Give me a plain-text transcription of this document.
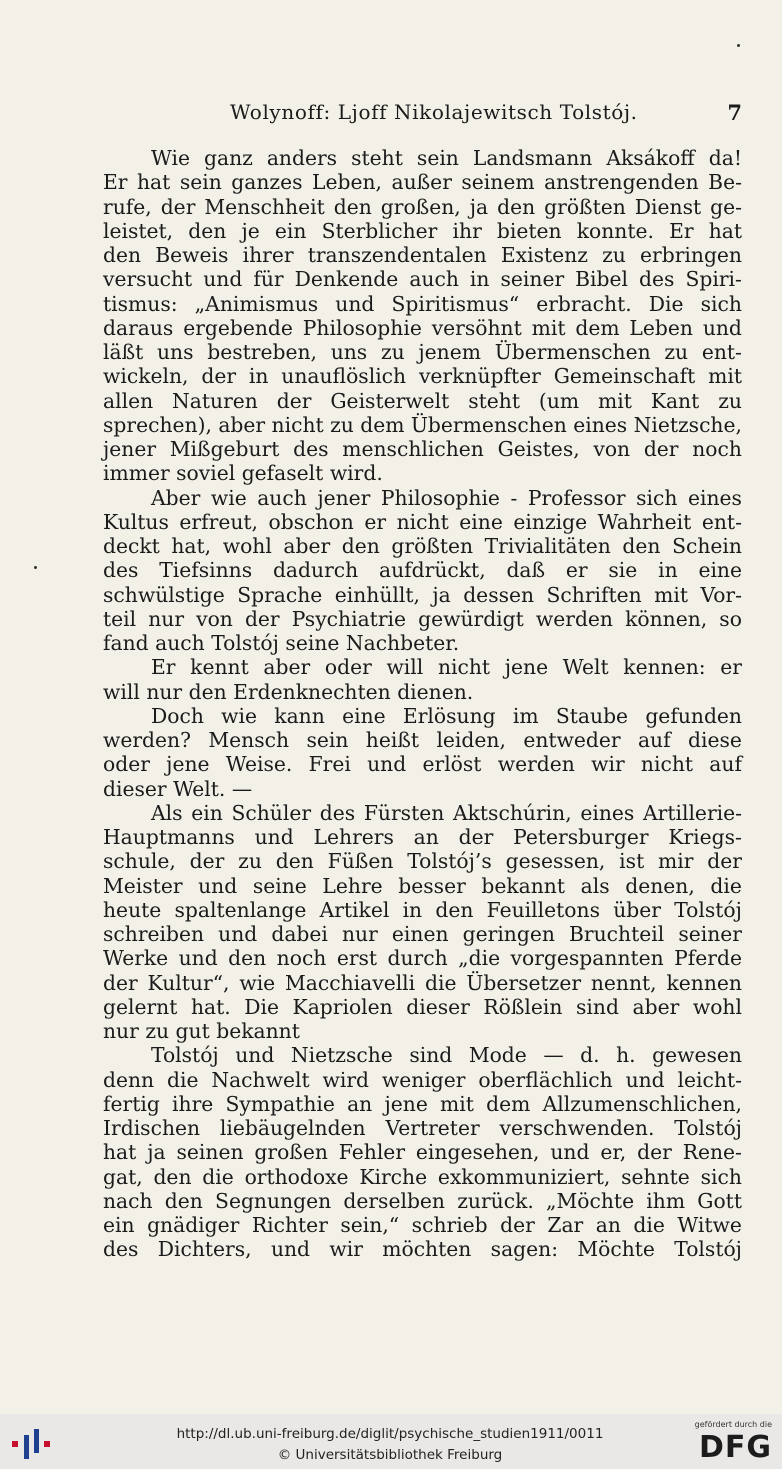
Wolynoff: Ljoff Nikolajewitsch Tolstój.	7
Wie ganz anders steht sein Landsmann Aksákoff da!
Er hat sein ganzes Leben, außer seinem anstrengenden Be-
rufe, der Menschheit den großen, ja den größten Dienst ge-
leistet, den je ein Sterblicher ihr bieten konnte. Er hat
den Beweis ihrer transzendentalen Existenz zu erbringen
versucht und für Denkende auch in seiner Bibel des Spiri-
tismus: „Animismus und Spiritismus“ erbracht. Die sich
daraus ergebende Philosophie versöhnt mit dem Leben und
läßt uns bestreben, uns zu jenem Übermenschen zu ent-
wickeln, der in unauflöslich verknüpfter Gemeinschaft mit
allen Naturen der Geisterwelt steht (um mit Kant zu
sprechen), aber nicht zu dem Übermenschen eines Nietzsche,
jener Mißgeburt des menschlichen Geistes, von der noch
immer soviel gefaselt wird.
Aber wie auch jener Philosophie - Professor sich eines
Kultus erfreut, obschon er nicht eine einzige Wahrheit ent-
deckt hat, wohl aber den größten Trivialitäten den Schein
des Tiefsinns dadurch aufdrückt, daß er sie in eine
schwülstige Sprache einhüllt, ja dessen Schriften mit Vor-
teil nur von der Psychiatrie gewürdigt werden können, so
fand auch Tolstój seine Nachbeter.
Er kennt aber oder will nicht jene Welt kennen: er
will nur den Erdenknechten dienen.
Doch wie kann eine Erlösung im Staube gefunden
werden? Mensch sein heißt leiden, entweder auf diese
oder jene Weise. Frei und erlöst werden wir nicht auf
dieser Welt. —
Als ein Schüler des Fürsten Aktschúrin, eines Artillerie-
Hauptmanns und Lehrers an der Petersburger Kriegs-
schule, der zu den Füßen Tolstój’s gesessen, ist mir der
Meister und seine Lehre besser bekannt als denen, die
heute spaltenlange Artikel in den Feuilletons über Tolstój
schreiben und dabei nur einen geringen Bruchteil seiner
Werke und den noch erst durch „die vorgespannten Pferde
der Kultur“, wie Macchiavelli die Übersetzer nennt, kennen
gelernt hat. Die Kapriolen dieser Rößlein sind aber wohl
nur zu gut bekannt
Tolstój und Nietzsche sind Mode — d. h. gewesen
denn die Nachwelt wird weniger oberflächlich und leicht-
fertig ihre Sympathie an jene mit dem Allzumenschlichen,
Irdischen liebäugelnden Vertreter verschwenden. Tolstój
hat ja seinen großen Fehler eingesehen, und er, der Rene-
gat, den die orthodoxe Kirche exkommuniziert, sehnte sich
nach den Segnungen derselben zurück. „Möchte ihm Gott
ein gnädiger Richter sein,“ schrieb der Zar an die Witwe
des Dichters, und wir möchten sagen: Möchte Tolstój
http://dl.ub.uni-freiburg.de/diglit/psychische_studien1911/0011
© Universitätsbibliothek Freiburg
gefördert durch die
DFG
